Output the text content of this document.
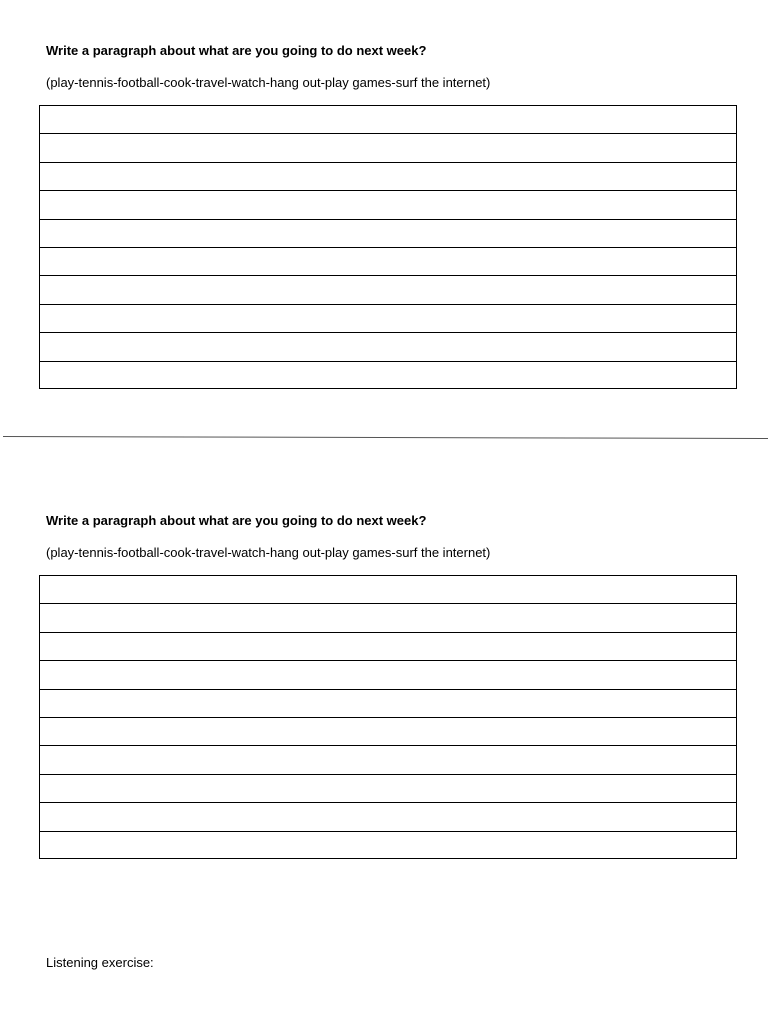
Write a paragraph about what are you going to do next week?
(play-tennis-football-cook-travel-watch-hang out-play games-surf the internet)
Write a paragraph about what are you going to do next week?
(play-tennis-football-cook-travel-watch-hang out-play games-surf the internet)
Listening exercise:
